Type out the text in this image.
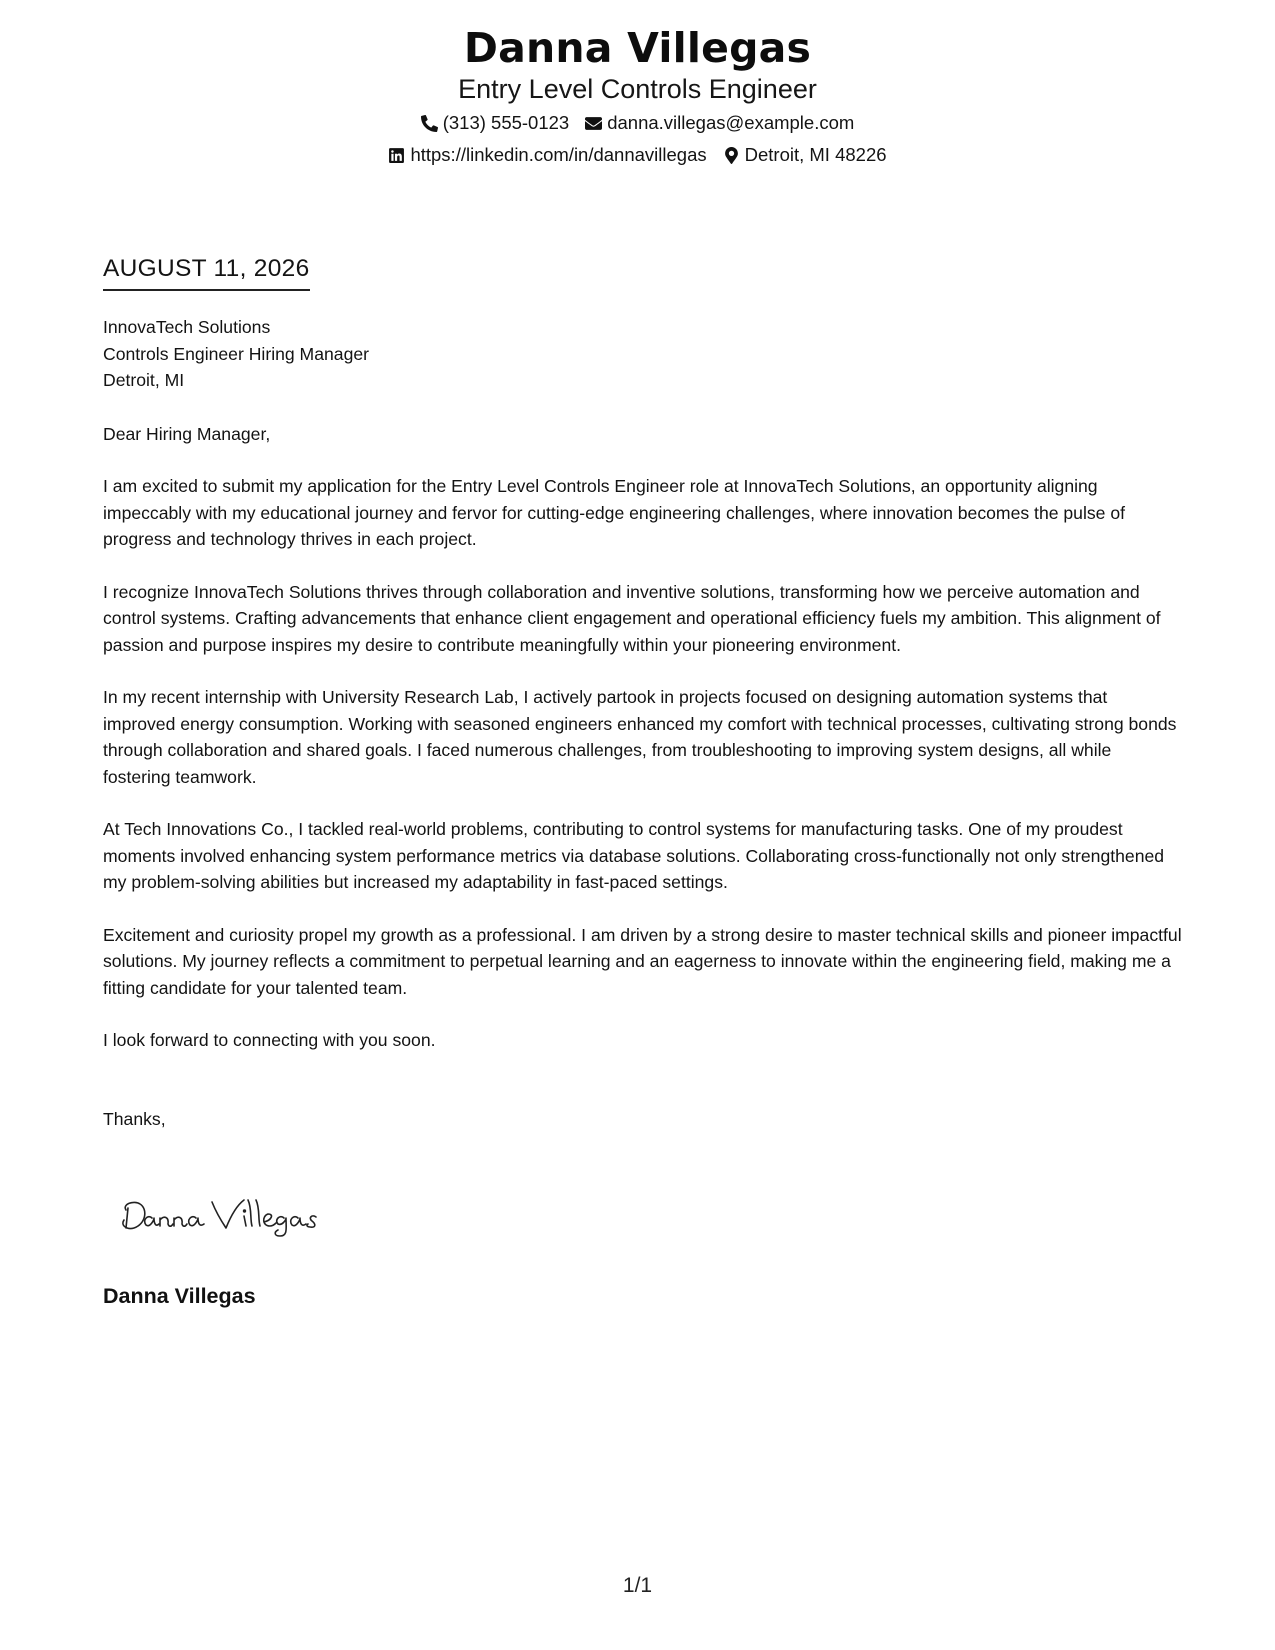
Danna Villegas
Entry Level Controls Engineer
(313) 555-0123 danna.villegas@example.com
https://linkedin.com/in/dannavillegas Detroit, MI 48226
AUGUST 11, 2026
InnovaTech Solutions
Controls Engineer Hiring Manager
Detroit, MI
Dear Hiring Manager,
I am excited to submit my application for the Entry Level Controls Engineer role at InnovaTech Solutions, an opportunity aligning impeccably with my educational journey and fervor for cutting-edge engineering challenges, where innovation becomes the pulse of progress and technology thrives in each project.
I recognize InnovaTech Solutions thrives through collaboration and inventive solutions, transforming how we perceive automation and control systems. Crafting advancements that enhance client engagement and operational efficiency fuels my ambition. This alignment of passion and purpose inspires my desire to contribute meaningfully within your pioneering environment.
In my recent internship with University Research Lab, I actively partook in projects focused on designing automation systems that improved energy consumption. Working with seasoned engineers enhanced my comfort with technical processes, cultivating strong bonds through collaboration and shared goals. I faced numerous challenges, from troubleshooting to improving system designs, all while fostering teamwork.
At Tech Innovations Co., I tackled real-world problems, contributing to control systems for manufacturing tasks. One of my proudest moments involved enhancing system performance metrics via database solutions. Collaborating cross-functionally not only strengthened my problem-solving abilities but increased my adaptability in fast-paced settings.
Excitement and curiosity propel my growth as a professional. I am driven by a strong desire to master technical skills and pioneer impactful solutions. My journey reflects a commitment to perpetual learning and an eagerness to innovate within the engineering field, making me a fitting candidate for your talented team.
I look forward to connecting with you soon.
Thanks,
Danna Villegas
1/1
